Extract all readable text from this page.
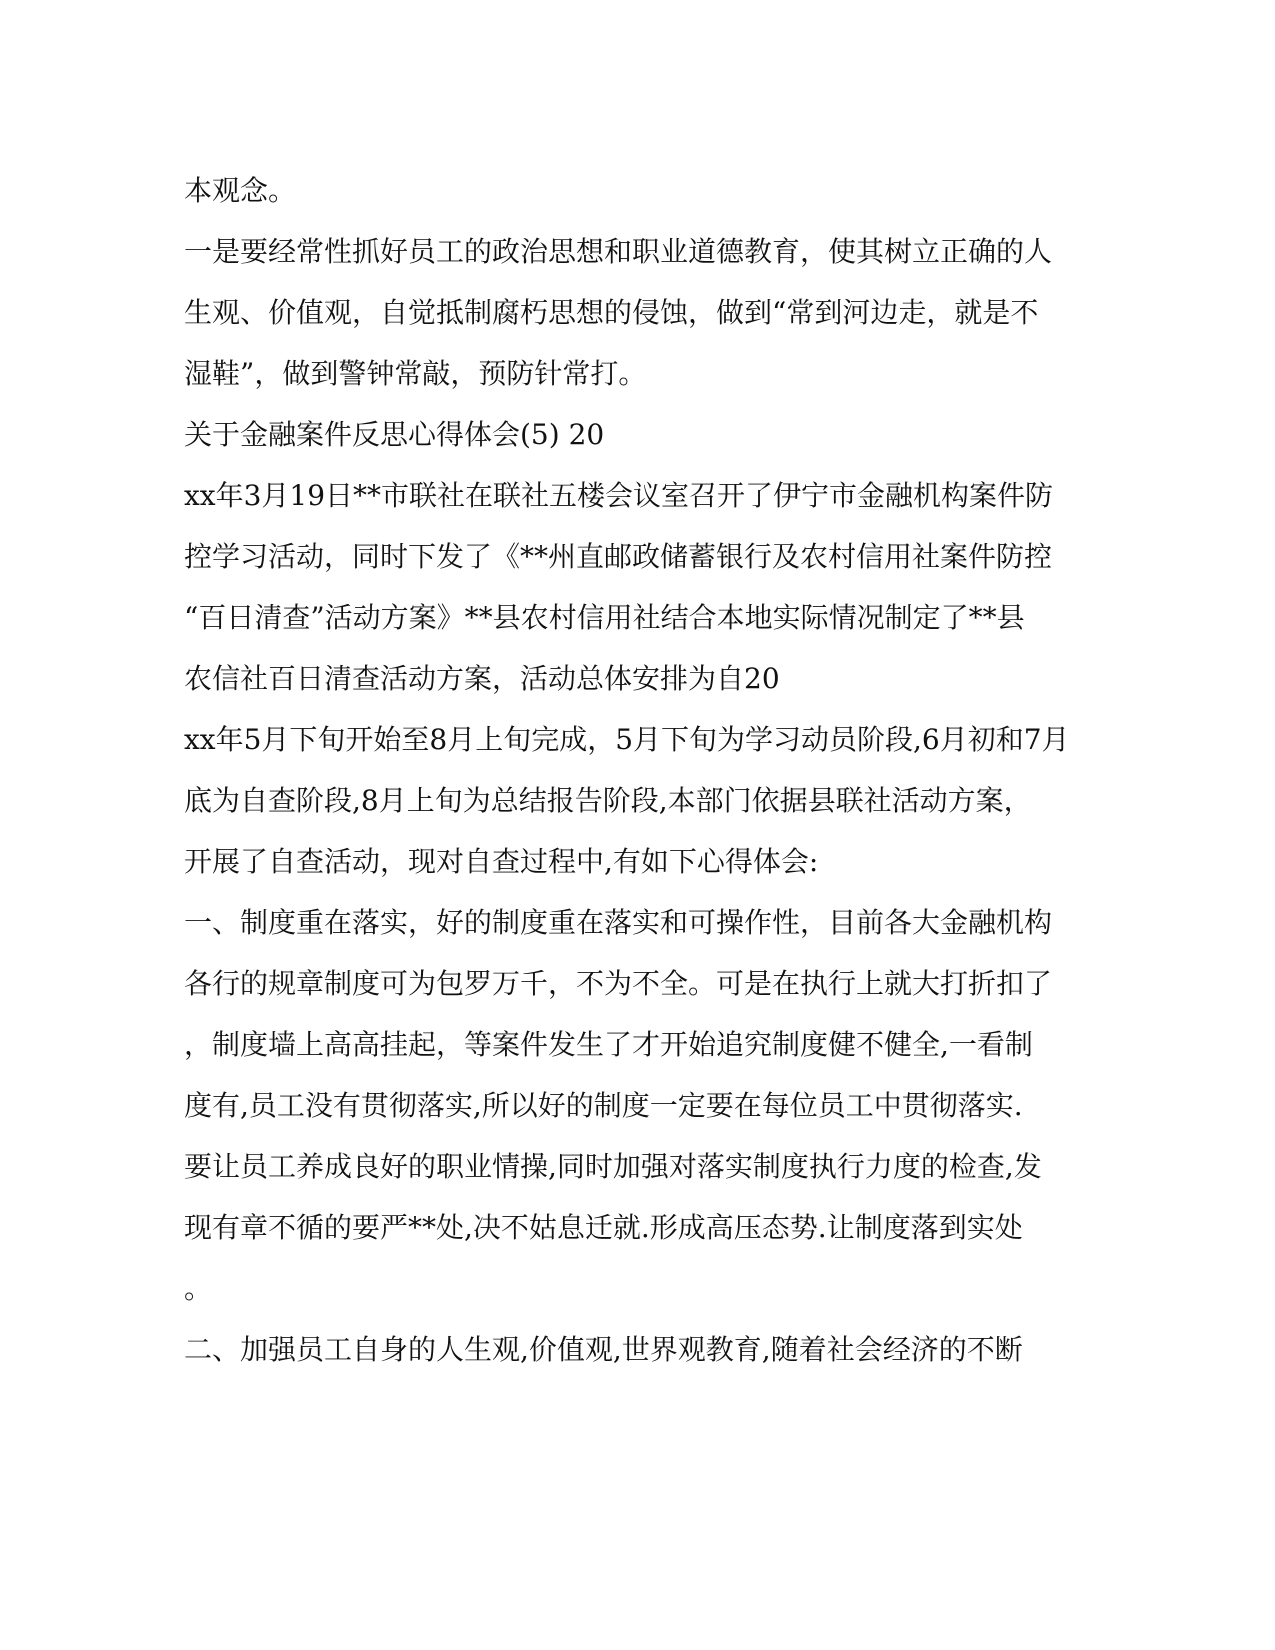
本观念。
一是要经常性抓好员工的政治思想和职业道德教育，使其树立正确的人
生观、价值观，自觉抵制腐朽思想的侵蚀，做到“常到河边走，就是不
湿鞋”，做到警钟常敲，预防针常打。
关于金融案件反思心得体会(5) 20
xx年3月19日**市联社在联社五楼会议室召开了伊宁市金融机构案件防
控学习活动，同时下发了《**州直邮政储蓄银行及农村信用社案件防控
“百日清查”活动方案》**县农村信用社结合本地实际情况制定了**县
农信社百日清查活动方案，活动总体安排为自20
xx年5月下旬开始至8月上旬完成，5月下旬为学习动员阶段,6月初和7月
底为自查阶段,8月上旬为总结报告阶段,本部门依据县联社活动方案，
开展了自查活动，现对自查过程中,有如下心得体会:
一、制度重在落实，好的制度重在落实和可操作性，目前各大金融机构
各行的规章制度可为包罗万千，不为不全。可是在执行上就大打折扣了
，制度墙上高高挂起，等案件发生了才开始追究制度健不健全,一看制
度有,员工没有贯彻落实,所以好的制度一定要在每位员工中贯彻落实.
要让员工养成良好的职业情操,同时加强对落实制度执行力度的检查,发
现有章不循的要严**处,决不姑息迁就.形成高压态势.让制度落到实处
。
二、加强员工自身的人生观,价值观,世界观教育,随着社会经济的不断
